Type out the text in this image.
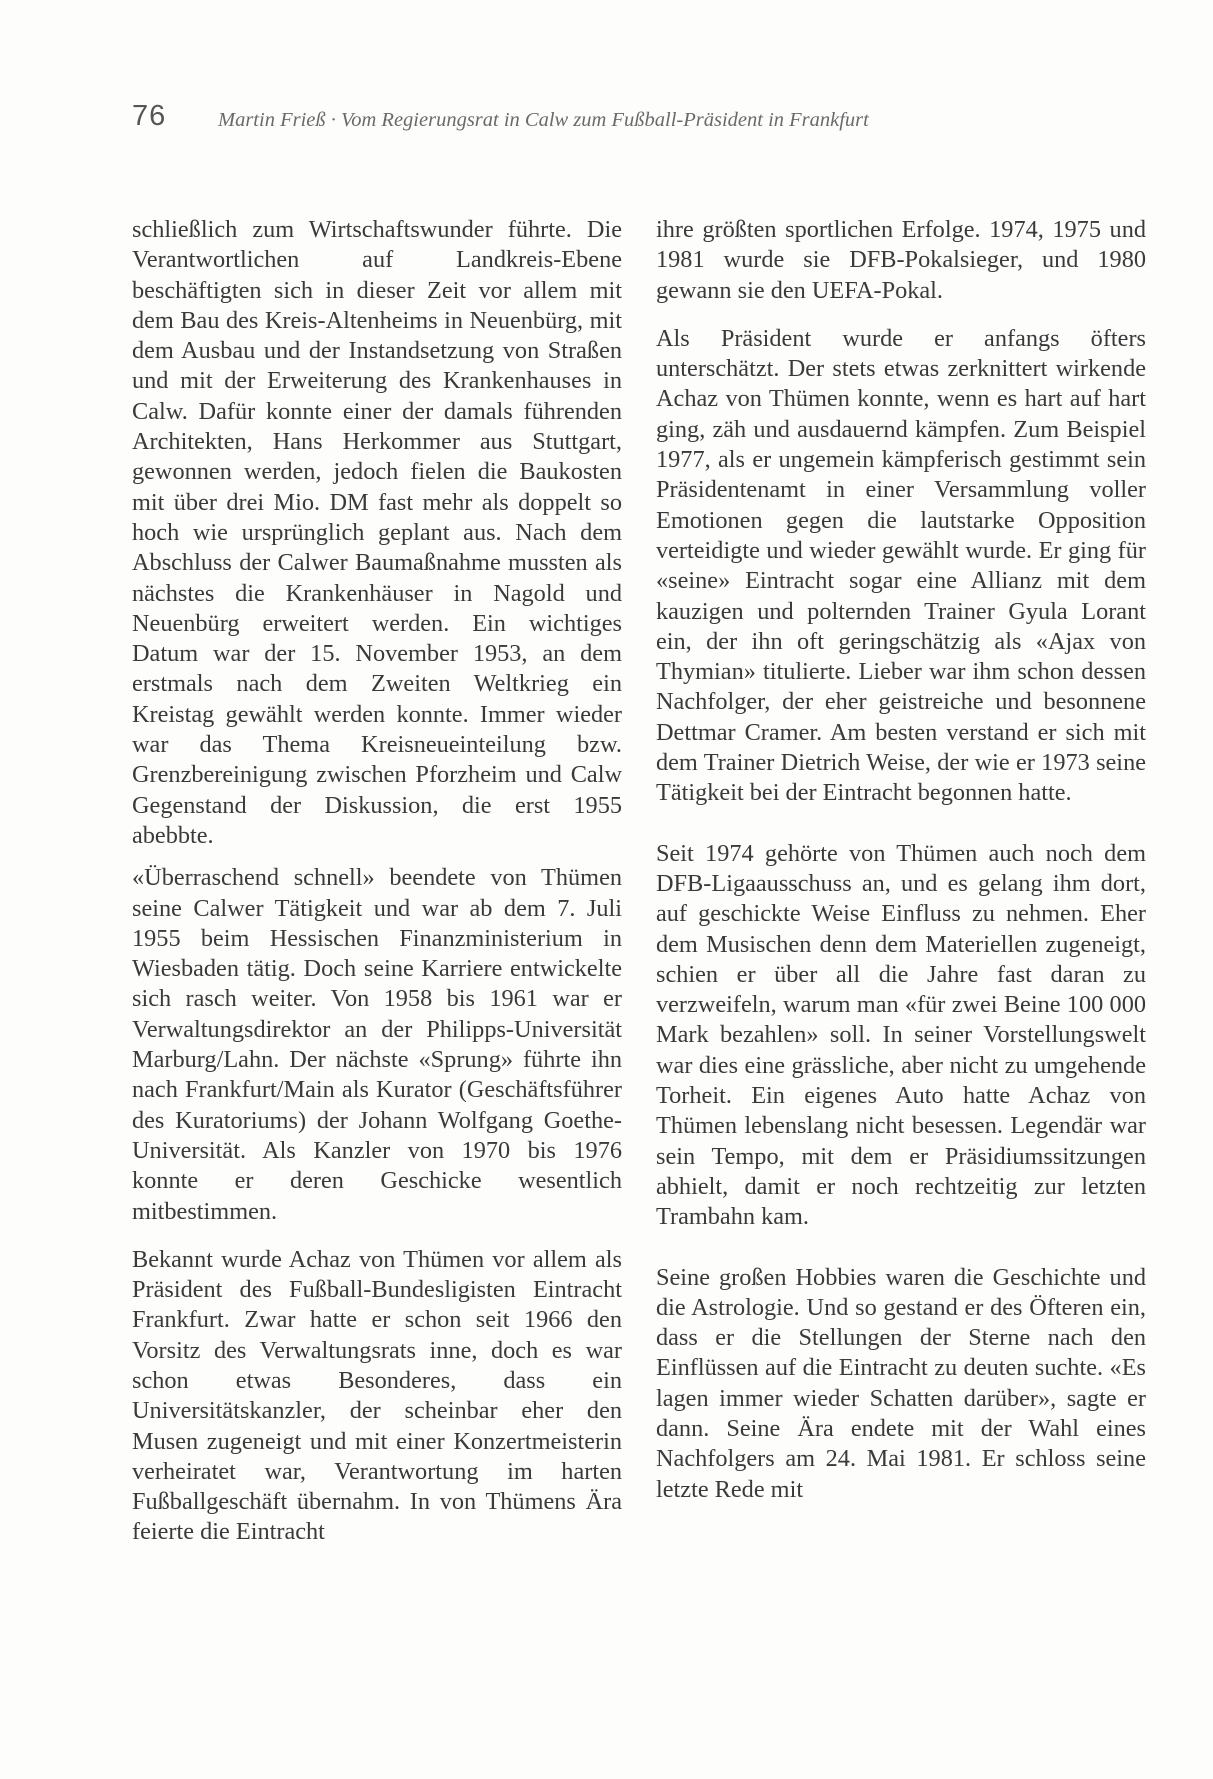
76	Martin Frieß · Vom Regierungsrat in Calw zum Fußball-Präsident in Frankfurt

schließlich zum Wirtschaftswunder führte. Die Verantwortlichen auf Landkreis-Ebene beschäftigten sich in dieser Zeit vor allem mit dem Bau des Kreis-Altenheims in Neuenbürg, mit dem Ausbau und der Instandsetzung von Straßen und mit der Erweiterung des Krankenhauses in Calw. Dafür konnte einer der damals führenden Architekten, Hans Herkommer aus Stuttgart, gewonnen werden, jedoch fielen die Baukosten mit über drei Mio. DM fast mehr als doppelt so hoch wie ursprünglich geplant aus. Nach dem Abschluss der Calwer Baumaßnahme mussten als nächstes die Krankenhäuser in Nagold und Neuenbürg erweitert werden. Ein wichtiges Datum war der 15. November 1953, an dem erstmals nach dem Zweiten Weltkrieg ein Kreistag gewählt werden konnte. Immer wieder war das Thema Kreisneueinteilung bzw. Grenzbereinigung zwischen Pforzheim und Calw Gegenstand der Diskussion, die erst 1955 abebbte.

«Überraschend schnell» beendete von Thümen seine Calwer Tätigkeit und war ab dem 7. Juli 1955 beim Hessischen Finanzministerium in Wiesbaden tätig. Doch seine Karriere entwickelte sich rasch weiter. Von 1958 bis 1961 war er Verwaltungsdirektor an der Philipps-Universität Marburg/Lahn. Der nächste «Sprung» führte ihn nach Frankfurt/Main als Kurator (Geschäftsführer des Kuratoriums) der Johann Wolfgang Goethe-Universität. Als Kanzler von 1970 bis 1976 konnte er deren Geschicke wesentlich mitbestimmen.

Bekannt wurde Achaz von Thümen vor allem als Präsident des Fußball-Bundesligisten Eintracht Frankfurt. Zwar hatte er schon seit 1966 den Vorsitz des Verwaltungsrats inne, doch es war schon etwas Besonderes, dass ein Universitätskanzler, der scheinbar eher den Musen zugeneigt und mit einer Konzertmeisterin verheiratet war, Verantwortung im harten Fußballgeschäft übernahm. In von Thümens Ära feierte die Eintracht

ihre größten sportlichen Erfolge. 1974, 1975 und 1981 wurde sie DFB-Pokalsieger, und 1980 gewann sie den UEFA-Pokal.

Als Präsident wurde er anfangs öfters unterschätzt. Der stets etwas zerknittert wirkende Achaz von Thümen konnte, wenn es hart auf hart ging, zäh und ausdauernd kämpfen. Zum Beispiel 1977, als er ungemein kämpferisch gestimmt sein Präsidentenamt in einer Versammlung voller Emotionen gegen die lautstarke Opposition verteidigte und wieder gewählt wurde. Er ging für «seine» Eintracht sogar eine Allianz mit dem kauzigen und polternden Trainer Gyula Lorant ein, der ihn oft geringschätzig als «Ajax von Thymian» titulierte. Lieber war ihm schon dessen Nachfolger, der eher geistreiche und besonnene Dettmar Cramer. Am besten verstand er sich mit dem Trainer Dietrich Weise, der wie er 1973 seine Tätigkeit bei der Eintracht begonnen hatte.

Seit 1974 gehörte von Thümen auch noch dem DFB-Ligaausschuss an, und es gelang ihm dort, auf geschickte Weise Einfluss zu nehmen. Eher dem Musischen denn dem Materiellen zugeneigt, schien er über all die Jahre fast daran zu verzweifeln, warum man «für zwei Beine 100 000 Mark bezahlen» soll. In seiner Vorstellungswelt war dies eine grässliche, aber nicht zu umgehende Torheit. Ein eigenes Auto hatte Achaz von Thümen lebenslang nicht besessen. Legendär war sein Tempo, mit dem er Präsidiumssitzungen abhielt, damit er noch rechtzeitig zur letzten Trambahn kam.

Seine großen Hobbies waren die Geschichte und die Astrologie. Und so gestand er des Öfteren ein, dass er die Stellungen der Sterne nach den Einflüssen auf die Eintracht zu deuten suchte. «Es lagen immer wieder Schatten darüber», sagte er dann. Seine Ära endete mit der Wahl eines Nachfolgers am 24. Mai 1981. Er schloss seine letzte Rede mit
